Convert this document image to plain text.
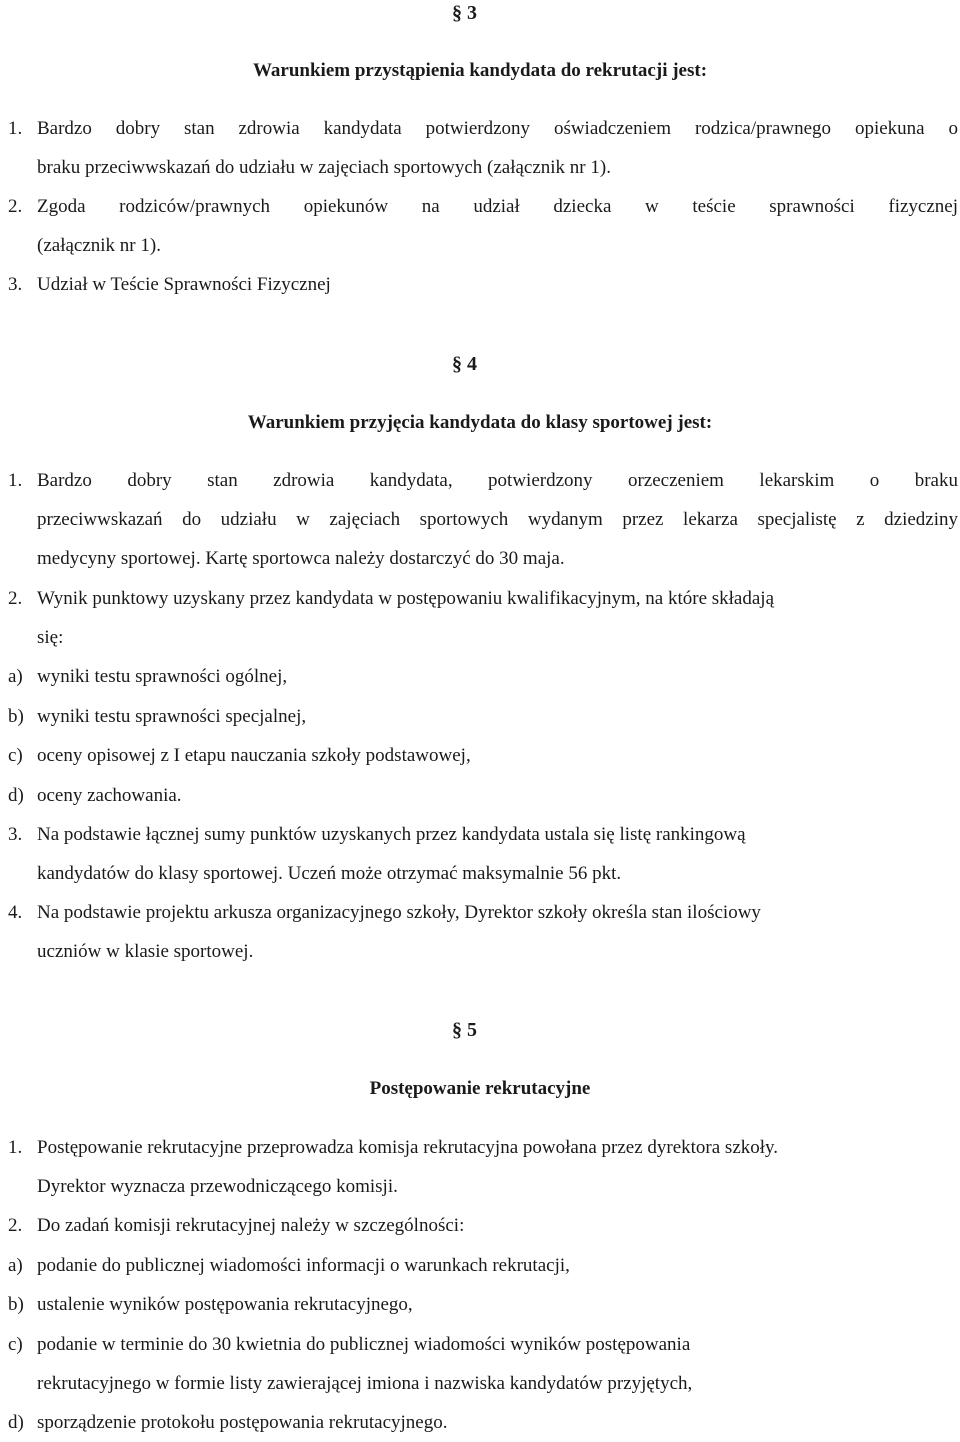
§ 3
Warunkiem przystąpienia kandydata do rekrutacji jest:
1. Bardzo dobry stan zdrowia kandydata potwierdzony oświadczeniem rodzica/prawnego opiekuna o
braku przeciwwskazań do udziału w zajęciach sportowych (załącznik nr 1).
2. Zgoda rodziców/prawnych opiekunów na udział dziecka w teście sprawności fizycznej
(załącznik nr 1).
3. Udział w Teście Sprawności Fizycznej
§ 4
Warunkiem przyjęcia kandydata do klasy sportowej jest:
1. Bardzo dobry stan zdrowia kandydata, potwierdzony orzeczeniem lekarskim o braku
przeciwwskazań do udziału w zajęciach sportowych wydanym przez lekarza specjalistę z dziedziny
medycyny sportowej. Kartę sportowca należy dostarczyć do 30 maja.
2. Wynik punktowy uzyskany przez kandydata w postępowaniu kwalifikacyjnym, na które składają
się:
a) wyniki testu sprawności ogólnej,
b) wyniki testu sprawności specjalnej,
c) oceny opisowej z I etapu nauczania szkoły podstawowej,
d) oceny zachowania.
3. Na podstawie łącznej sumy punktów uzyskanych przez kandydata ustala się listę rankingową
kandydatów do klasy sportowej. Uczeń może otrzymać maksymalnie 56 pkt.
4. Na podstawie projektu arkusza organizacyjnego szkoły, Dyrektor szkoły określa stan ilościowy
uczniów w klasie sportowej.
§ 5
Postępowanie rekrutacyjne
1. Postępowanie rekrutacyjne przeprowadza komisja rekrutacyjna powołana przez dyrektora szkoły.
Dyrektor wyznacza przewodniczącego komisji.
2. Do zadań komisji rekrutacyjnej należy w szczególności:
a) podanie do publicznej wiadomości informacji o warunkach rekrutacji,
b) ustalenie wyników postępowania rekrutacyjnego,
c) podanie w terminie do 30 kwietnia do publicznej wiadomości wyników postępowania
rekrutacyjnego w formie listy zawierającej imiona i nazwiska kandydatów przyjętych,
d) sporządzenie protokołu postępowania rekrutacyjnego.
